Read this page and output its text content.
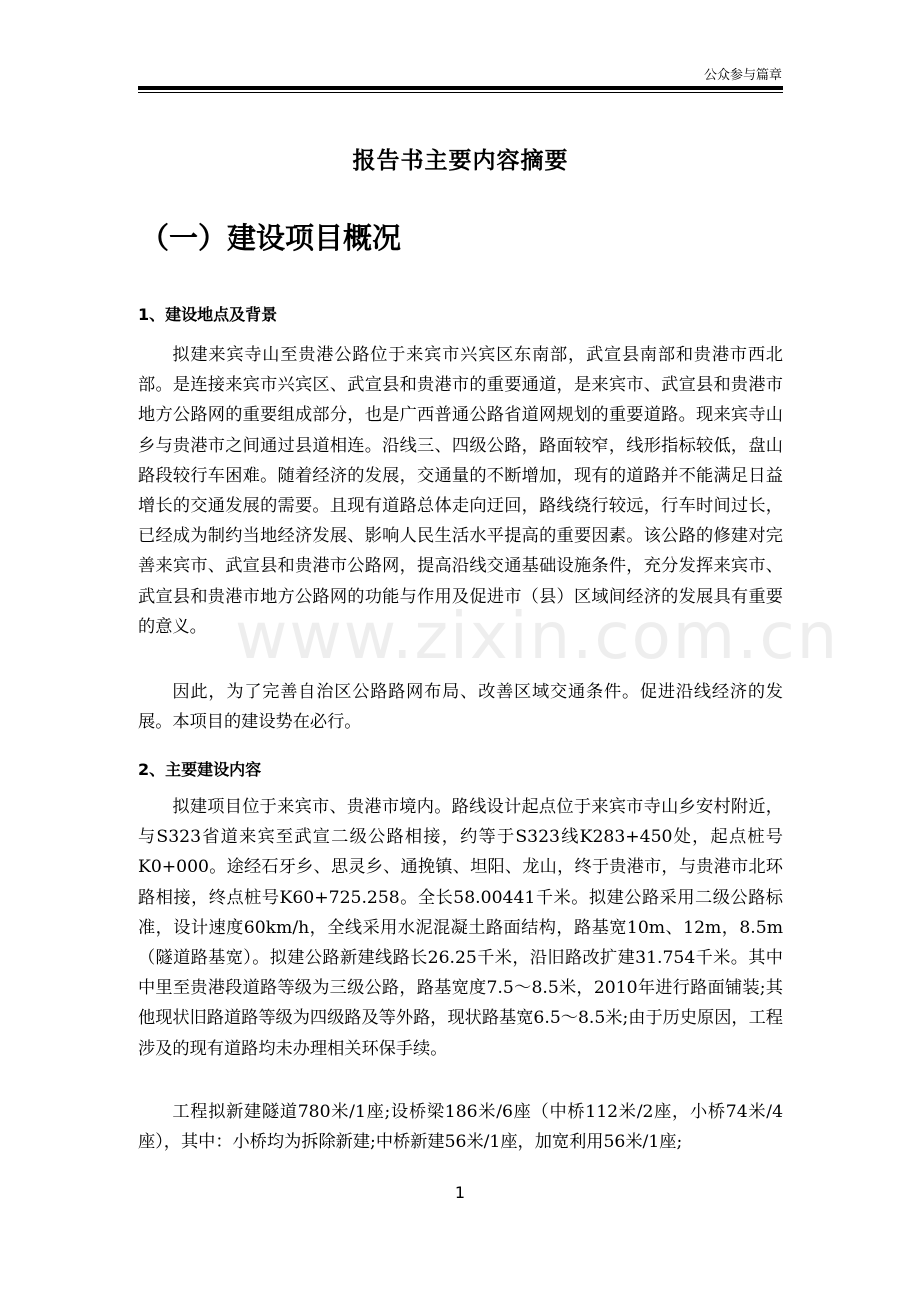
公众参与篇章
报告书主要内容摘要
（一）建设项目概况
1、建设地点及背景
拟建来宾寺山至贵港公路位于来宾市兴宾区东南部，武宣县南部和贵港市西北部。是连接来宾市兴宾区、武宣县和贵港市的重要通道，是来宾市、武宣县和贵港市地方公路网的重要组成部分，也是广西普通公路省道网规划的重要道路。现来宾寺山乡与贵港市之间通过县道相连。沿线三、四级公路，路面较窄，线形指标较低，盘山路段较行车困难。随着经济的发展，交通量的不断增加，现有的道路并不能满足日益增长的交通发展的需要。且现有道路总体走向迂回，路线绕行较远，行车时间过长，已经成为制约当地经济发展、影响人民生活水平提高的重要因素。该公路的修建对完善来宾市、武宣县和贵港市公路网，提高沿线交通基础设施条件，充分发挥来宾市、武宣县和贵港市地方公路网的功能与作用及促进市（县）区域间经济的发展具有重要的意义。
因此，为了完善自治区公路路网布局、改善区域交通条件。促进沿线经济的发展。本项目的建设势在必行。
2、主要建设内容
拟建项目位于来宾市、贵港市境内。路线设计起点位于来宾市寺山乡安村附近，与S323省道来宾至武宣二级公路相接，约等于S323线K283+450处，起点桩号K0+000。途经石牙乡、思灵乡、通挽镇、坦阳、龙山，终于贵港市，与贵港市北环路相接，终点桩号K60+725.258。全长58.00441千米。拟建公路采用二级公路标准，设计速度60km/h，全线采用水泥混凝土路面结构，路基宽10m、12m，8.5m（隧道路基宽）。拟建公路新建线路长26.25千米，沿旧路改扩建31.754千米。其中中里至贵港段道路等级为三级公路，路基宽度7.5～8.5米，2010年进行路面铺装;其他现状旧路道路等级为四级路及等外路，现状路基宽6.5～8.5米;由于历史原因，工程涉及的现有道路均未办理相关环保手续。
工程拟新建隧道780米/1座;设桥梁186米/6座（中桥112米/2座，小桥74米/4座），其中：小桥均为拆除新建;中桥新建56米/1座，加宽利用56米/1座;
www.zixin.com.cn
1
